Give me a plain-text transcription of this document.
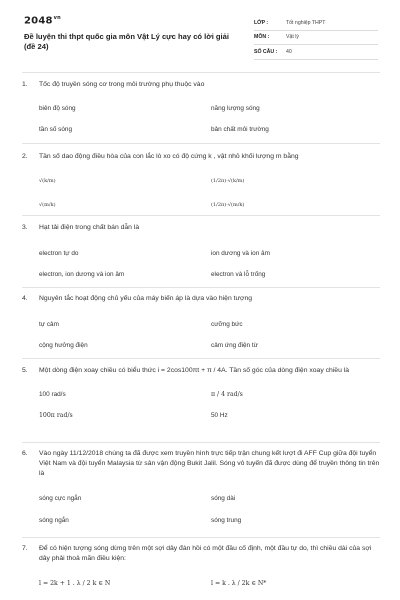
$2048^{vn}$
Đề luyện thi thpt quốc gia môn Vật Lý cực hay có lời giải (đề 24)
LỚP :	Tốt nghiệp THPT
MÔN :	Vật lý
SỐ CÂU :	40
1.	Tốc độ truyền sóng cơ trong môi trường phụ thuộc vào
biên độ sóng	năng lượng sóng
tần số sóng	bản chất môi trường
2.	Tần số dao động điều hòa của con lắc lò xo có độ cứng k , vật nhỏ khối lượng m bằng
√(k/m)	(1/2π)·√(k/m)
√(m/k)	(1/2π)·√(m/k)
3.	Hạt tải điện trong chất bán dẫn là
electron tự do	ion dương và ion âm
electron, ion dương và ion âm	electron và lỗ trống
4.	Nguyên tắc hoạt động chủ yếu của máy biến áp là dựa vào hiện tượng
tự cảm	cưỡng bức
cộng hưởng điện	cảm ứng điện từ
5.	Một dòng điện xoay chiều có biểu thức i = 2cos100πt + π / 4A. Tần số góc của dòng điện xoay chiều là
100 rad/s	π / 4 rad/s
100π rad/s	50 Hz
6.	Vào ngày 11/12/2018 chúng ta đã được xem truyền hình trực tiếp trận chung kết lượt đi AFF Cup giữa đội tuyển Việt Nam và đội tuyển Malaysia từ sân vận động Bukit Jalil. Sóng vô tuyến đã được dùng để truyền thông tin trên là
sóng cực ngắn	sóng dài
sóng ngắn	sóng trung
7.	Để có hiện tượng sóng dừng trên một sợi dây đàn hồi có một đầu cố định, một đầu tự do, thì chiều dài của sợi dây phải thoả mãn điều kiện:
l = 2k + 1 . λ / 2 k ∈ N	l = k . λ / 2k ∈ N*
